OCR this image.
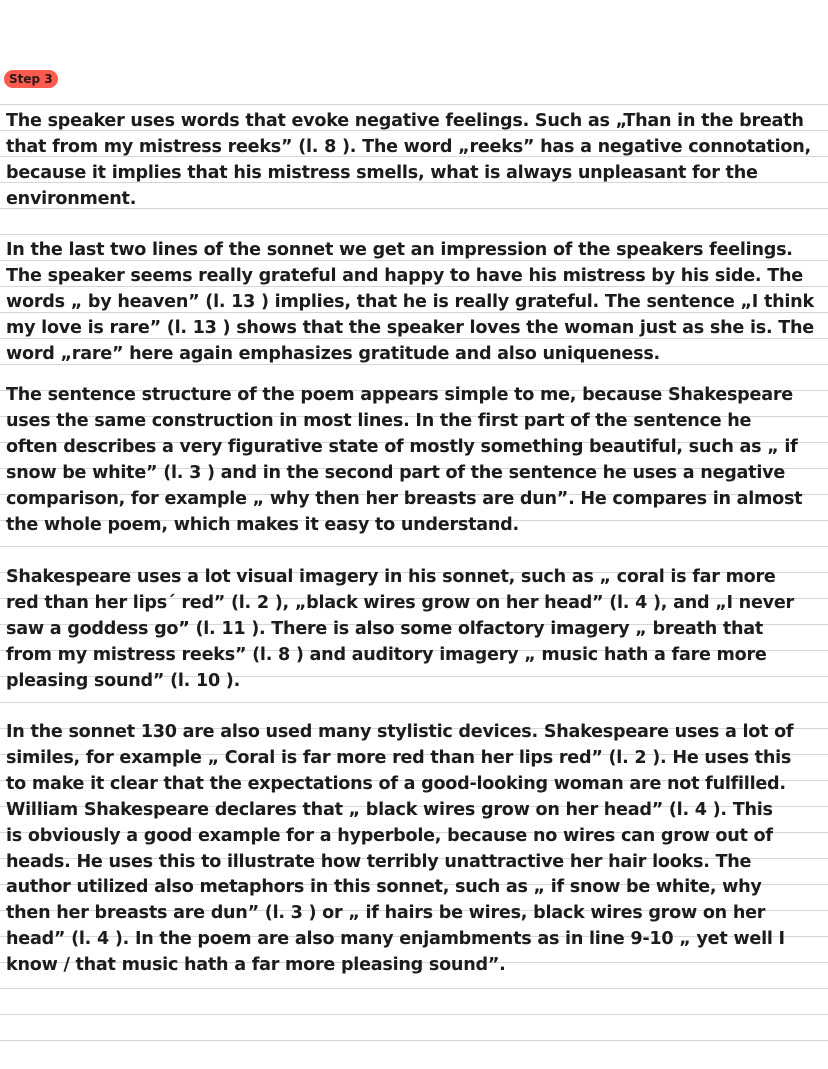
Step 3
The speaker uses words that evoke negative feelings. Such as „Than in the breath
that from my mistress reeks” (l. 8 ). The word „reeks” has a negative connotation,
because it implies that his mistress smells, what is always unpleasant for the
environment.
In the last two lines of the sonnet we get an impression of the speakers feelings.
The speaker seems really grateful and happy to have his mistress by his side. The
words „ by heaven” (l. 13 ) implies, that he is really grateful. The sentence „I think
my love is rare” (l. 13 ) shows that the speaker loves the woman just as she is. The
word „rare” here again emphasizes gratitude and also uniqueness.
The sentence structure of the poem appears simple to me, because Shakespeare
uses the same construction in most lines. In the first part of the sentence he
often describes a very figurative state of mostly something beautiful, such as „ if
snow be white” (l. 3 ) and in the second part of the sentence he uses a negative
comparison, for example „ why then her breasts are dun”. He compares in almost
the whole poem, which makes it easy to understand.
Shakespeare uses a lot visual imagery in his sonnet, such as „ coral is far more
red than her lips´ red” (l. 2 ), „black wires grow on her head” (l. 4 ), and „I never
saw a goddess go” (l. 11 ). There is also some olfactory imagery „ breath that
from my mistress reeks” (l. 8 ) and auditory imagery „ music hath a fare more
pleasing sound” (l. 10 ).
In the sonnet 130 are also used many stylistic devices. Shakespeare uses a lot of
similes, for example „ Coral is far more red than her lips red” (l. 2 ). He uses this
to make it clear that the expectations of a good-looking woman are not fulfilled.
William Shakespeare declares that „ black wires grow on her head” (l. 4 ). This
is obviously a good example for a hyperbole, because no wires can grow out of
heads. He uses this to illustrate how terribly unattractive her hair looks. The
author utilized also metaphors in this sonnet, such as „ if snow be white, why
then her breasts are dun” (l. 3 ) or „ if hairs be wires, black wires grow on her
head” (l. 4 ). In the poem are also many enjambments as in line 9-10 „ yet well I
know / that music hath a far more pleasing sound”.
